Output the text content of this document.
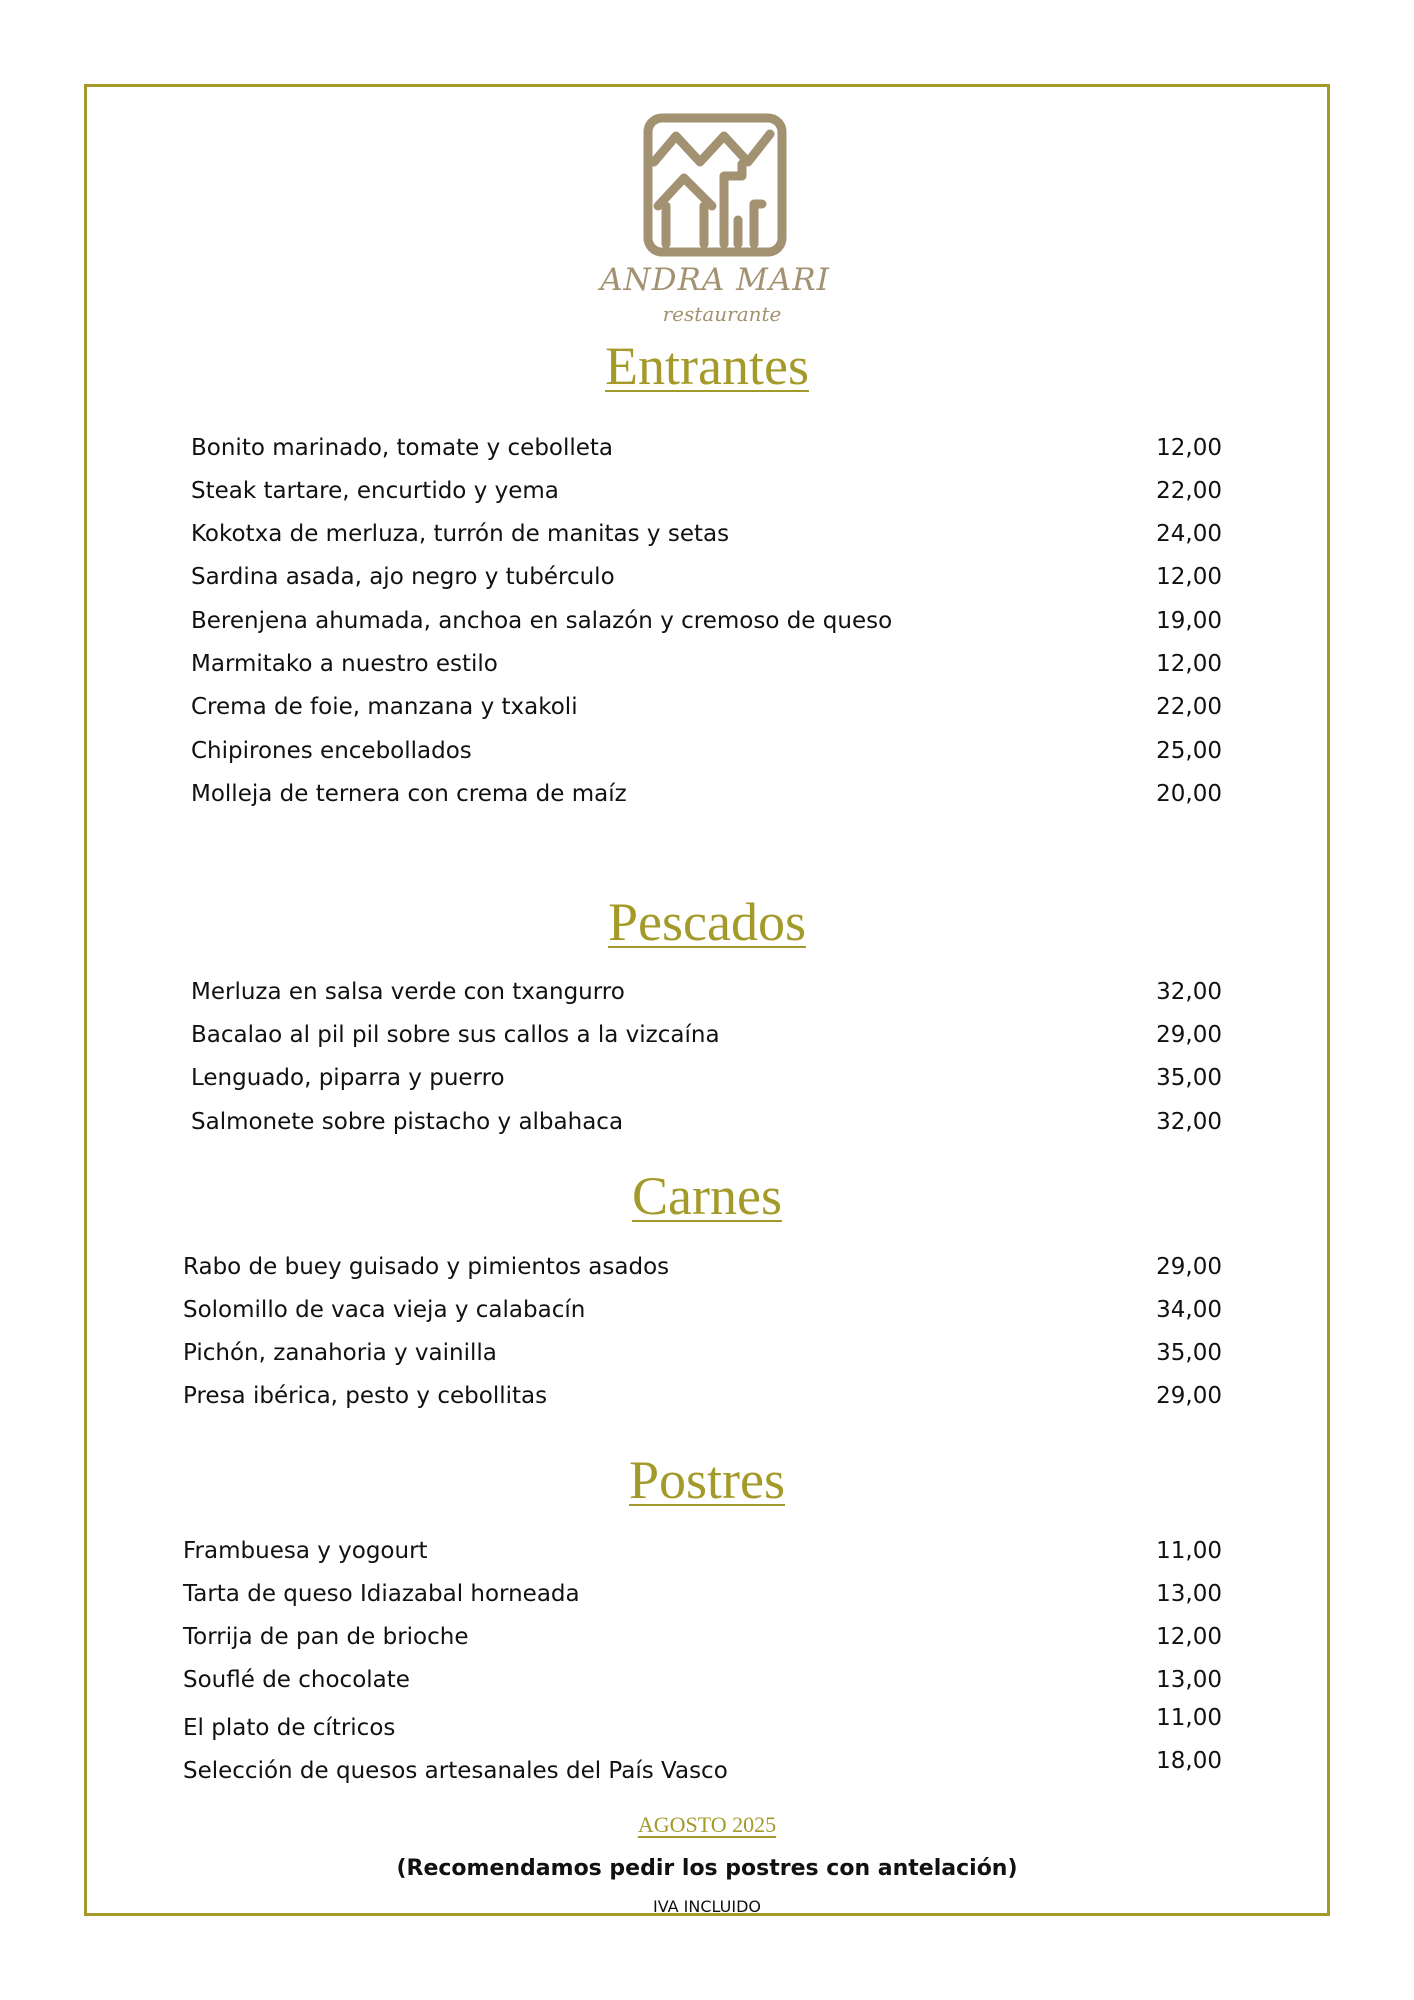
ANDRA MARI
restaurante
Entrantes
Bonito marinado, tomate y cebolleta	12,00
Steak tartare, encurtido y yema	22,00
Kokotxa de merluza, turrón de manitas y setas	24,00
Sardina asada, ajo negro y tubérculo	12,00
Berenjena ahumada, anchoa en salazón y cremoso de queso	19,00
Marmitako a nuestro estilo	12,00
Crema de foie, manzana y txakoli	22,00
Chipirones encebollados	25,00
Molleja de ternera con crema de maíz	20,00
Pescados
Merluza en salsa verde con txangurro	32,00
Bacalao al pil pil sobre sus callos a la vizcaína	29,00
Lenguado, piparra y puerro	35,00
Salmonete sobre pistacho y albahaca	32,00
Carnes
Rabo de buey guisado y pimientos asados	29,00
Solomillo de vaca vieja y calabacín	34,00
Pichón, zanahoria y vainilla	35,00
Presa ibérica, pesto y cebollitas	29,00
Postres
Frambuesa y yogourt	11,00
Tarta de queso Idiazabal horneada	13,00
Torrija de pan de brioche	12,00
Souflé de chocolate	13,00
El plato de cítricos	11,00
Selección de quesos artesanales del País Vasco	18,00
AGOSTO 2025
(Recomendamos pedir los postres con antelación)
IVA INCLUIDO
